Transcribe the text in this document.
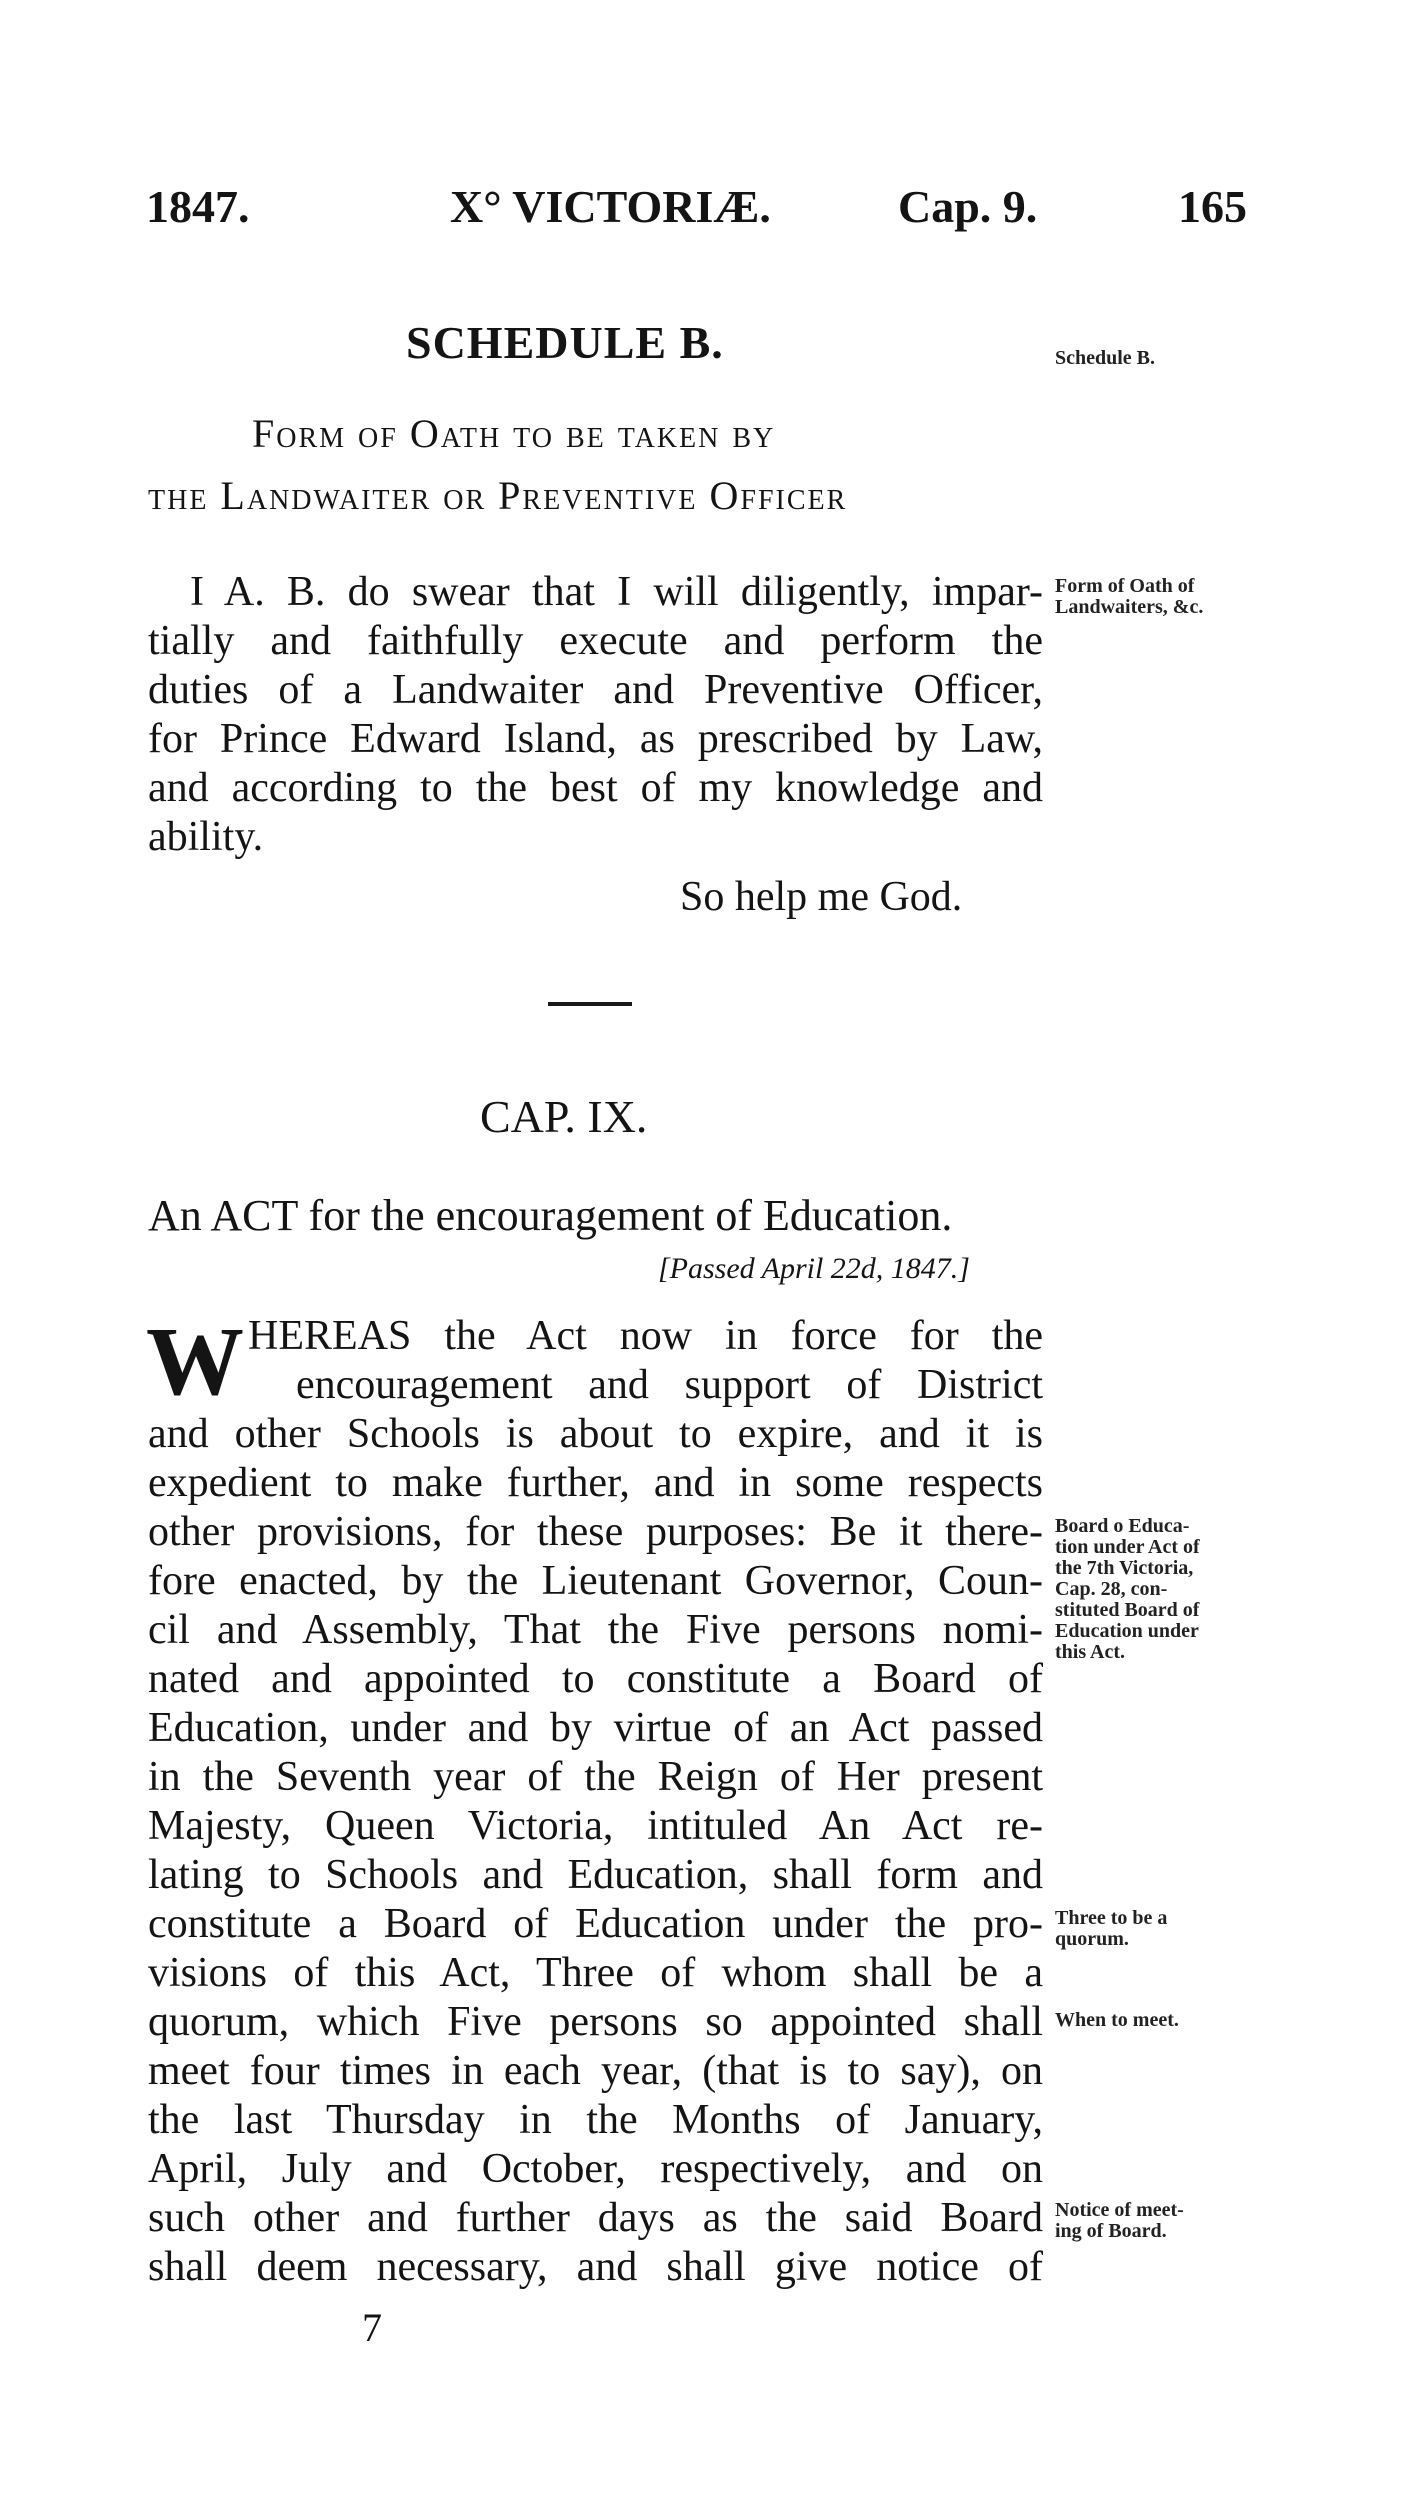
1847.	X° VICTORIÆ.	Cap. 9.	165
SCHEDULE B.	Schedule B.
Form of Oath to be taken by
the Landwaiter or Preventive Officer
I A. B. do swear that I will diligently, impar-
tially and faithfully execute and perform the
duties of a Landwaiter and Preventive Officer,
for Prince Edward Island, as prescribed by Law,
and according to the best of my knowledge and
ability.
Form of Oath of
Landwaiters, &c.
So help me God.
CAP. IX.
An ACT for the encouragement of Education.
[Passed April 22d, 1847.]
W HEREAS the Act now in force for the
encouragement and support of District
and other Schools is about to expire, and it is
expedient to make further, and in some respects
other provisions, for these purposes: Be it there-
fore enacted, by the Lieutenant Governor, Coun-
cil and Assembly, That the Five persons nomi-
nated and appointed to constitute a Board of
Education, under and by virtue of an Act passed
in the Seventh year of the Reign of Her present
Majesty, Queen Victoria, intituled An Act re-
lating to Schools and Education, shall form and
constitute a Board of Education under the pro-
visions of this Act, Three of whom shall be a
quorum, which Five persons so appointed shall
meet four times in each year, (that is to say), on
the last Thursday in the Months of January,
April, July and October, respectively, and on
such other and further days as the said Board
shall deem necessary, and shall give notice of
Board o Educa-
tion under Act of
the 7th Victoria,
Cap. 28, con-
stituted Board of
Education under
this Act.
Three to be a
quorum.
When to meet.
Notice of meet-
ing of Board.
7
